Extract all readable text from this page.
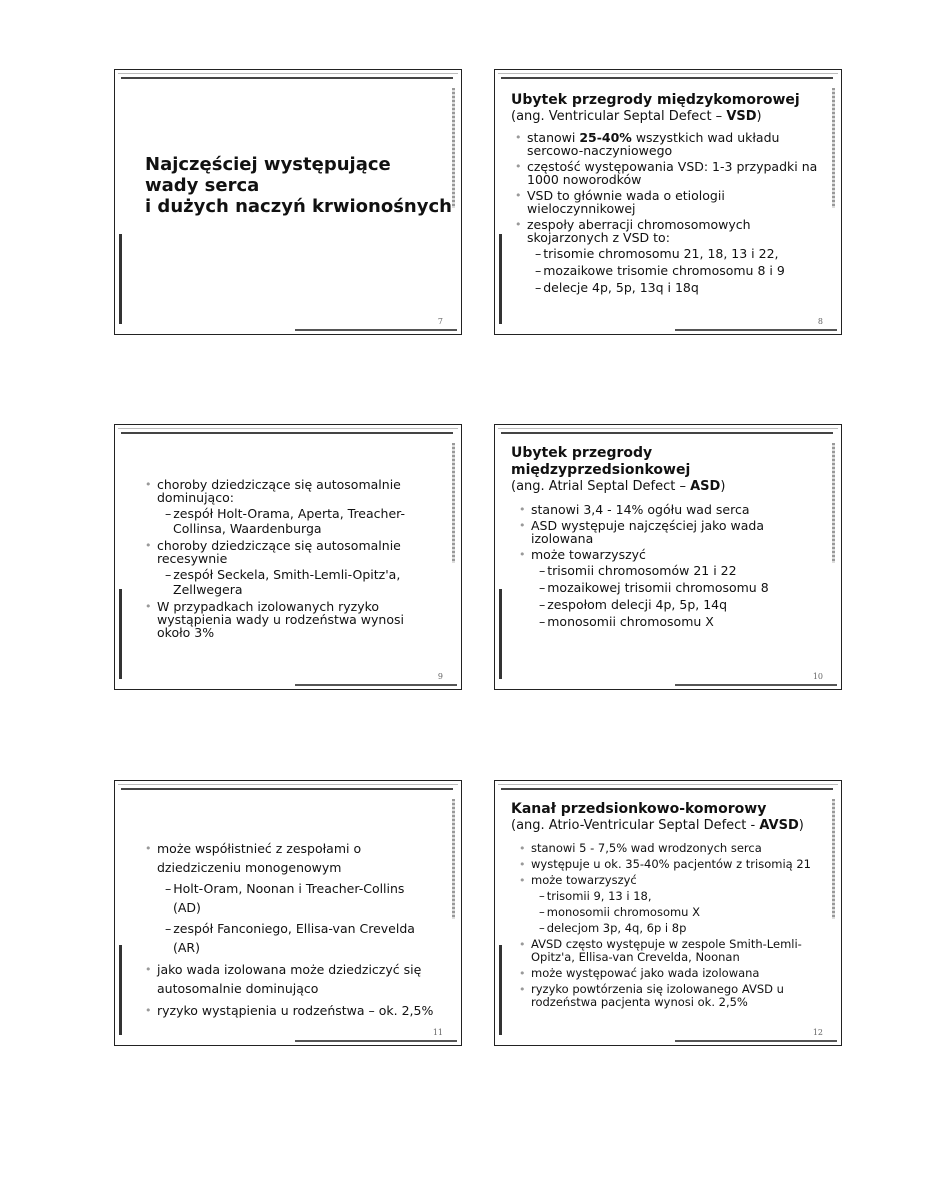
Najczęściej występujące
wady serca
i dużych naczyń krwionośnych
7
Ubytek przegrody międzykomorowej
(ang. Ventricular Septal Defect – VSD)
• stanowi 25-40% wszystkich wad układu sercowo-naczyniowego
• częstość występowania VSD: 1-3 przypadki na 1000 noworodków
• VSD to głównie wada o etiologii wieloczynnikowej
• zespoły aberracji chromosomowych skojarzonych z VSD to:
– trisomie chromosomu 21, 18, 13 i 22,
– mozaikowe trisomie chromosomu 8 i 9
– delecje 4p, 5p, 13q i 18q
8
• choroby dziedziczące się autosomalnie dominująco:
– zespół Holt-Orama, Aperta, Treacher-Collinsa, Waardenburga
• choroby dziedziczące się autosomalnie recesywnie
– zespół Seckela, Smith-Lemli-Opitz'a, Zellwegera
• W przypadkach izolowanych ryzyko wystąpienia wady u rodzeństwa wynosi około 3%
9
Ubytek przegrody międzyprzedsionkowej
(ang. Atrial Septal Defect – ASD)
• stanowi 3,4 - 14% ogółu wad serca
• ASD występuje najczęściej jako wada izolowana
• może towarzyszyć
– trisomii chromosomów 21 i 22
– mozaikowej trisomii chromosomu 8
– zespołom delecji 4p, 5p, 14q
– monosomii chromosomu X
10
• może współistnieć z zespołami o dziedziczeniu monogenowym
– Holt-Oram, Noonan i Treacher-Collins (AD)
– zespół Fanconiego, Ellisa-van Crevelda (AR)
• jako wada izolowana może dziedziczyć się autosomalnie dominująco
• ryzyko wystąpienia u rodzeństwa – ok. 2,5%
11
Kanał przedsionkowo-komorowy
(ang. Atrio-Ventricular Septal Defect - AVSD)
• stanowi 5 - 7,5% wad wrodzonych serca
• występuje u ok. 35-40% pacjentów z trisomią 21
• może towarzyszyć
– trisomii 9, 13 i 18,
– monosomii chromosomu X
– delecjom 3p, 4q, 6p i 8p
• AVSD często występuje w zespole Smith-Lemli-Opitz'a, Ellisa-van Crevelda, Noonan
• może występować jako wada izolowana
• ryzyko powtórzenia się izolowanego AVSD u rodzeństwa pacjenta wynosi ok. 2,5%
12
